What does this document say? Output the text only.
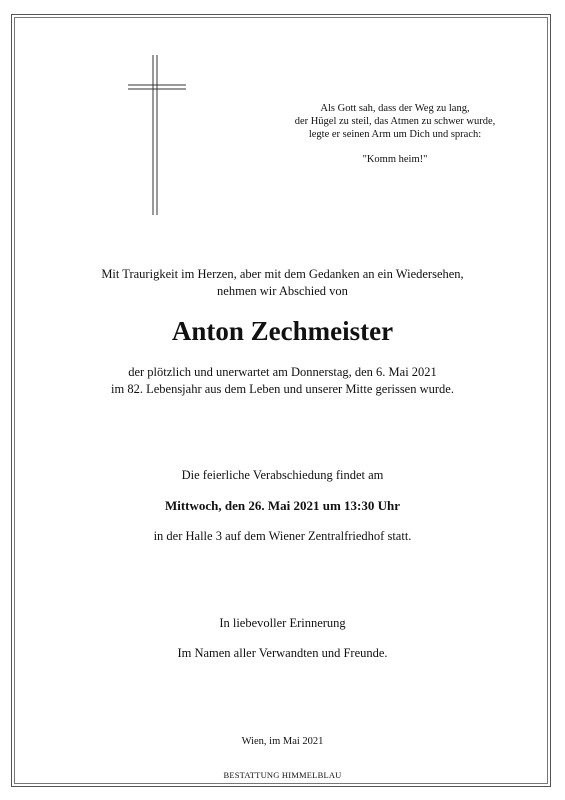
Als Gott sah, dass der Weg zu lang,
der Hügel zu steil, das Atmen zu schwer wurde,
legte er seinen Arm um Dich und sprach:
"Komm heim!"
Mit Traurigkeit im Herzen, aber mit dem Gedanken an ein Wiedersehen,
nehmen wir Abschied von
Anton Zechmeister
der plötzlich und unerwartet am Donnerstag, den 6. Mai 2021
im 82. Lebensjahr aus dem Leben und unserer Mitte gerissen wurde.
Die feierliche Verabschiedung findet am
Mittwoch, den 26. Mai 2021 um 13:30 Uhr
in der Halle 3 auf dem Wiener Zentralfriedhof statt.
In liebevoller Erinnerung
Im Namen aller Verwandten und Freunde.
Wien, im Mai 2021
BESTATTUNG HIMMELBLAU
